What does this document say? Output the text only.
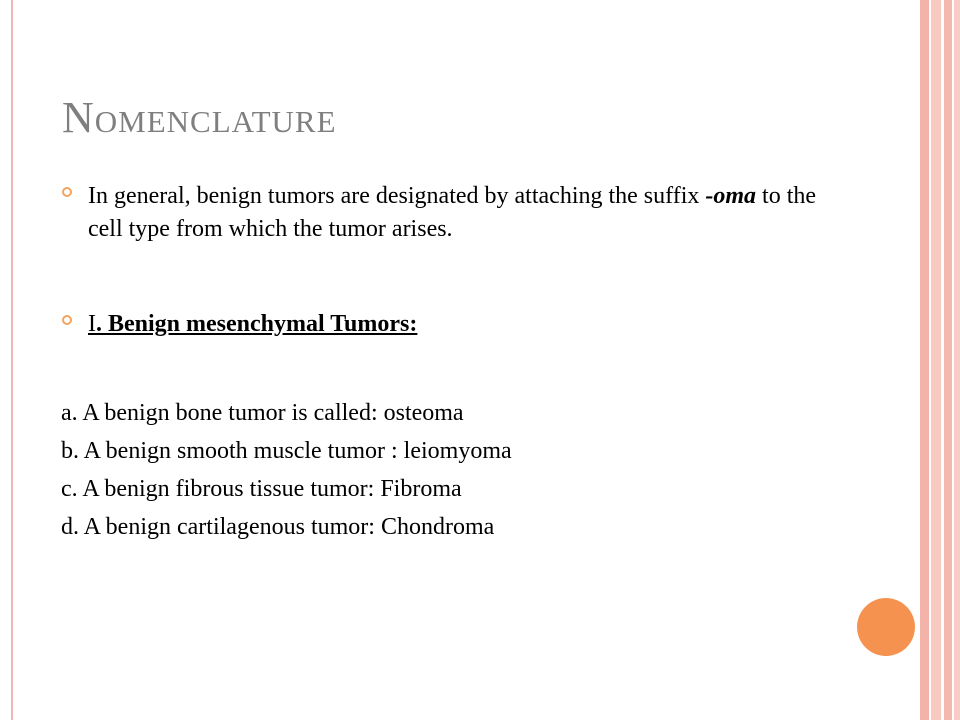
Nomenclature
In general, benign tumors are designated by attaching the suffix -oma to the cell type from which the tumor arises.
I. Benign mesenchymal Tumors:
a. A benign bone tumor is called: osteoma
b. A benign smooth muscle tumor : leiomyoma
c. A benign fibrous tissue tumor: Fibroma
d. A benign cartilagenous tumor: Chondroma
